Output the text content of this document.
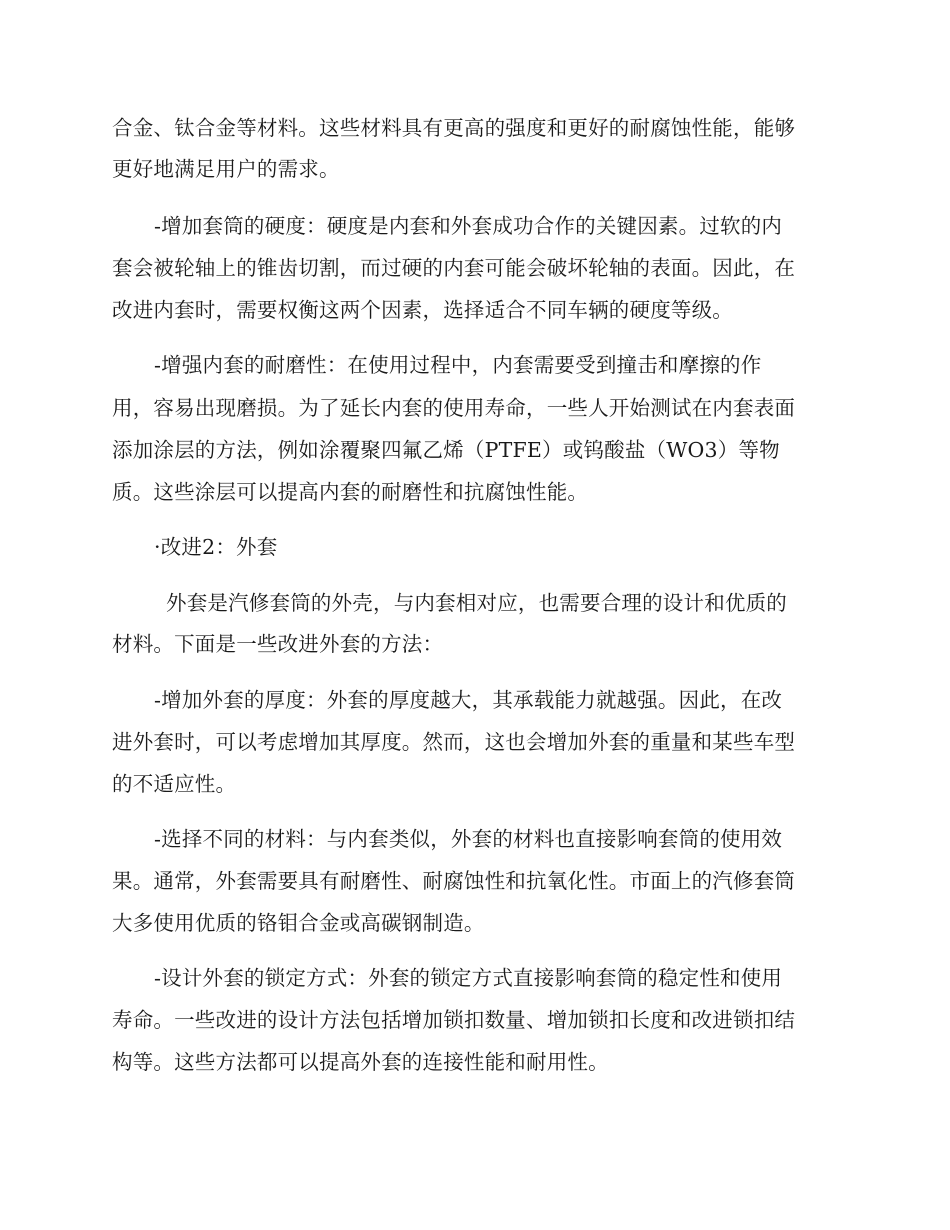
合金、钛合金等材料。这些材料具有更高的强度和更好的耐腐蚀性能，能够
更好地满足用户的需求。
-增加套筒的硬度：硬度是内套和外套成功合作的关键因素。过软的内
套会被轮轴上的锥齿切割，而过硬的内套可能会破坏轮轴的表面。因此，在
改进内套时，需要权衡这两个因素，选择适合不同车辆的硬度等级。
-增强内套的耐磨性：在使用过程中，内套需要受到撞击和摩擦的作
用，容易出现磨损。为了延长内套的使用寿命，一些人开始测试在内套表面
添加涂层的方法，例如涂覆聚四氟乙烯（PTFE）或钨酸盐（WO3）等物
质。这些涂层可以提高内套的耐磨性和抗腐蚀性能。
·改进2：外套
外套是汽修套筒的外壳，与内套相对应，也需要合理的设计和优质的
材料。下面是一些改进外套的方法：
-增加外套的厚度：外套的厚度越大，其承载能力就越强。因此，在改
进外套时，可以考虑增加其厚度。然而，这也会增加外套的重量和某些车型
的不适应性。
-选择不同的材料：与内套类似，外套的材料也直接影响套筒的使用效
果。通常，外套需要具有耐磨性、耐腐蚀性和抗氧化性。市面上的汽修套筒
大多使用优质的铬钼合金或高碳钢制造。
-设计外套的锁定方式：外套的锁定方式直接影响套筒的稳定性和使用
寿命。一些改进的设计方法包括增加锁扣数量、增加锁扣长度和改进锁扣结
构等。这些方法都可以提高外套的连接性能和耐用性。
